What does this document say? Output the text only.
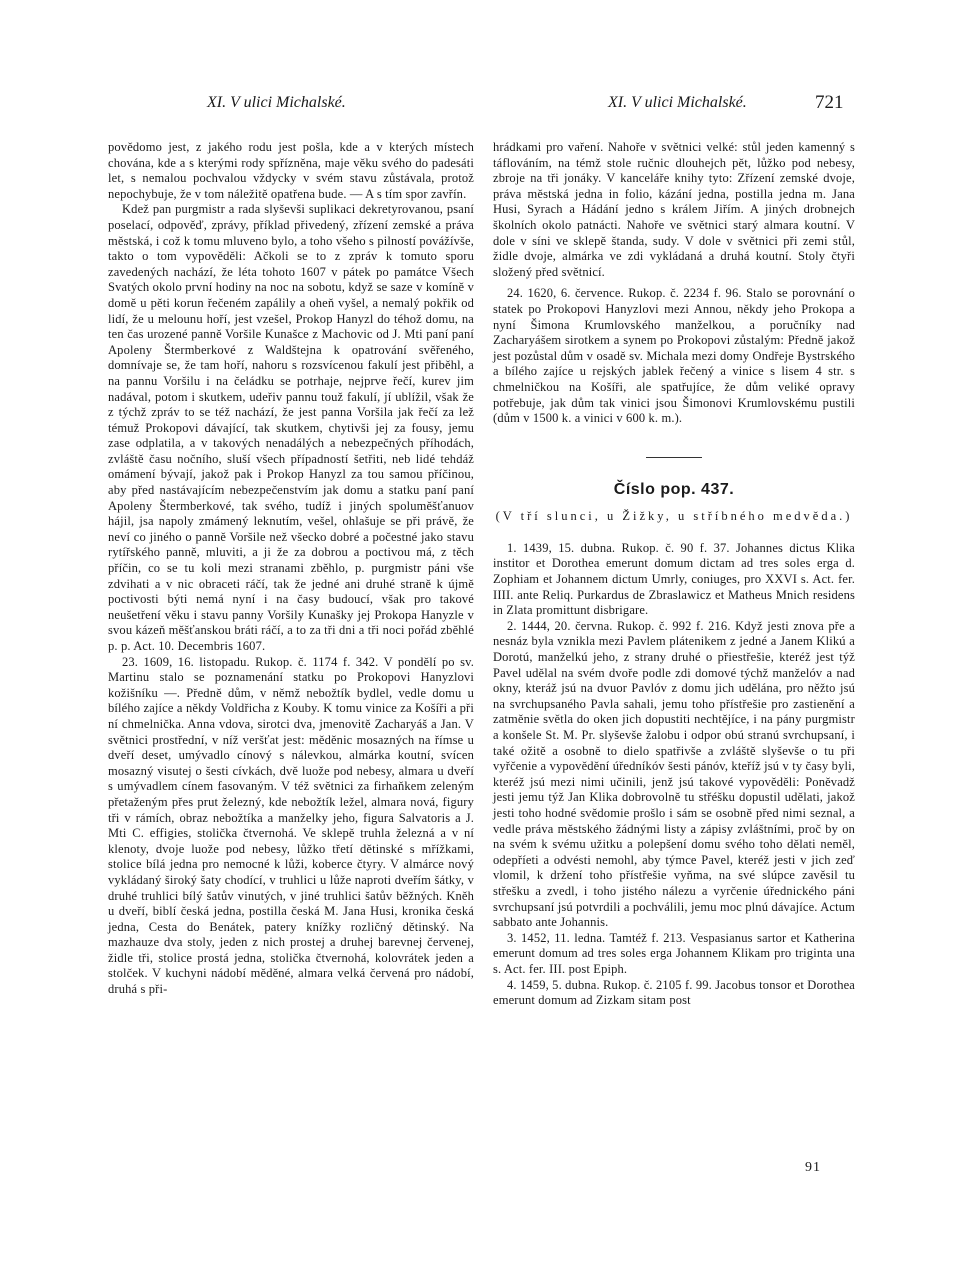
XI. V ulici Michalské.	XI. V ulici Michalské.	721

povědomo jest, z jakého rodu jest pošla, kde a v kterých místech chována, kde a s kterými rody spřízněna, maje věku svého do padesáti let, s nemalou pochvalou vždycky v svém stavu zůstávala, protož nepochybuje, že v tom náležitě opatřena bude. — A s tím spor zavřín.

Kdež pan purgmistr a rada slyševši suplikaci dekretyrovanou, psaní poselací, odpověď, zprávy, příklad přivedený, zřízení zemské a práva městská, i což k tomu mluveno bylo, a toho všeho s pilností povážívše, takto o tom vypověděli: Ačkoli se to z zpráv k tomuto sporu zavedených nachází, že léta tohoto 1607 v pátek po památce Všech Svatých okolo první hodiny na noc na sobotu, když se saze v komíně v domě u pěti korun řečeném zapálily a oheň vyšel, a nemalý pokřik od lidí, že u melounu hoří, jest vzešel, Prokop Hanyzl do téhož domu, na ten čas urozené panně Voršile Kunašce z Machovic od J. Mti paní paní Apoleny Štermberkové z Waldštejna k opatrování svěřeného, domnívaje se, že tam hoří, nahoru s rozsvícenou fakulí jest přiběhl, a na pannu Voršilu i na čeládku se potrhaje, nejprve řečí, kurev jim nadával, potom i skutkem, udeřiv pannu touž fakulí, jí ublížil, však že z týchž zpráv to se též nachází, že jest panna Voršila jak řečí za lež témuž Prokopovi dávající, tak skutkem, chytivši jej za fousy, jemu zase odplatila, a v takových nenadálých a nebezpečných příhodách, zvláště času nočního, sluší všech případností šetřiti, neb lidé tehdáž omámení bývají, jakož pak i Prokop Hanyzl za tou samou příčinou, aby před nastávajícím nebezpečenstvím jak domu a statku paní paní Apoleny Štermberkové, tak svého, tudíž i jiných spoluměšťanuov hájil, jsa napoly zmámený leknutím, vešel, ohlašuje se při právě, že neví co jiného o panně Voršile než všecko dobré a počestné jako stavu rytířského panně, mluviti, a ji že za dobrou a poctivou má, z těch příčin, co se tu koli mezi stranami zběhlo, p. purgmistr páni vše zdvihati a v nic obraceti ráčí, tak že jedné ani druhé straně k újmě poctivosti býti nemá nyní i na časy budoucí, však pro takové neušetření věku i stavu panny Voršily Kunašky jej Prokopa Hanyzle v svou kázeň měšťanskou bráti ráčí, a to za tři dni a tři noci pořád zběhlé p. p. Act. 10. Decembris 1607.

23. 1609, 16. listopadu. Rukop. č. 1174 f. 342. V pondělí po sv. Martinu stalo se poznamenání statku po Prokopovi Hanyzlovi kožišníku —. Předně dům, v němž nebožtík bydlel, vedle domu u bílého zajíce a někdy Voldřicha z Kouby. K tomu vinice za Košíři a při ní chmelnička. Anna vdova, sirotci dva, jmenovitě Zacharyáš a Jan. V světnici prostřední, v níž veršťat jest: měděnic mosazných na římse u dveří deset, umývadlo cínový s nálevkou, almárka koutní, svícen mosazný visutej o šesti cívkách, dvě luože pod nebesy, almara u dveří s umývadlem cínem fasovaným. V též světnici za firhaňkem zeleným přetaženým přes prut železný, kde nebožtík ležel, almara nová, figury tři v rámích, obraz nebožtíka a manželky jeho, figura Salvatoris a J. Mti C. effigies, stolička čtvernohá. Ve sklepě truhla železná a v ní klenoty, dvoje luože pod nebesy, lůžko třetí dětinské s mřížkami, stolice bílá jedna pro nemocné k lůži, koberce čtyry. V almárce nový vykládaný široký šaty chodící, v truhlici u lůže naproti dveřím šátky, v druhé truhlici bílý šatův vinutých, v jiné truhlici šatův běžných. Kněh u dveří, biblí česká jedna, postilla česká M. Jana Husi, kronika česká jedna, Cesta do Benátek, patery knížky rozličný dětinský. Na mazhauze dva stoly, jeden z nich prostej a druhej barevnej červenej, židle tři, stolice prostá jedna, stolička čtvernohá, kolovrátek jeden a stolček. V kuchyni nádobí měděné, almara velká červená pro nádobí, druhá s při-

hrádkami pro vaření. Nahoře v světnici velké: stůl jeden kamenný s táflováním, na témž stole ručnic dlouhejch pět, lůžko pod nebesy, zbroje na tři jonáky. V kanceláře knihy tyto: Zřízení zemské dvoje, práva městská jedna in folio, kázání jedna, postilla jedna m. Jana Husi, Syrach a Hádání jedno s králem Jiřím. A jiných drobnejch školních okolo patnácti. Nahoře ve světnici starý almara koutní. V dole v síni ve sklepě štanda, sudy. V dole v světnici při zemi stůl, židle dvoje, almárka ve zdi vykládaná a druhá koutní. Stoly čtyři složený před světnicí.

24. 1620, 6. července. Rukop. č. 2234 f. 96. Stalo se porovnání o statek po Prokopovi Hanyzlovi mezi Annou, někdy jeho Prokopa a nyní Šimona Krumlovského manželkou, a poručníky nad Zacharyášem sirotkem a synem po Prokopovi zůstalým: Předně jakož jest pozůstal dům v osadě sv. Michala mezi domy Ondřeje Bystrského a bílého zajíce u rejských jablek řečený a vinice s lisem 4 str. s chmelničkou na Košíři, ale spatřujíce, že dům veliké opravy potřebuje, jak dům tak vinici jsou Šimonovi Krumlovskému pustili (dům v 1500 k. a vinici v 600 k. m.).

Číslo pop. 437.
(V tří slunci, u Žižky, u stříbného medvěda.)

1. 1439, 15. dubna. Rukop. č. 90 f. 37. Johannes dictus Klika institor et Dorothea emerunt domum dictam ad tres soles erga d. Zophiam et Johannem dictum Umrly, coniuges, pro XXVI s. Act. fer. IIII. ante Reliq. Purkardus de Zbraslawicz et Matheus Mnich residens in Zlata promittunt disbrigare.

2. 1444, 20. června. Rukop. č. 992 f. 216. Když jesti znova pře a nesnáz byla vznikla mezi Pavlem plátenikem z jedné a Janem Klikú a Dorotú, manželkú jeho, z strany druhé o přiestřešie, kteréž jest týž Pavel udělal na svém dvoře podle zdi domové týchž manželóv a nad okny, kteráž jsú na dvuor Pavlóv z domu jich udělána, pro něžto jsú na svrchupsaného Pavla sahali, jemu toho přístřešie pro zastienění a zatměnie světla do oken jich dopustiti nechtějíce, i na pány purgmistr a konšele St. M. Pr. slyševše žalobu i odpor obú stranú svrchupsaní, i také ožitě a osobně to dielo spatřivše a zvláště slyševše o tu při vyřčenie a vypovědění úředníkóv šesti pánóv, kteříž jsú v ty časy byli, kteréž jsú mezi nimi učinili, jenž jsú takové vypověděli: Poněvadž jesti jemu týž Jan Klika dobrovolně tu střéšku dopustil udělati, jakož jesti toho hodné svědomie prošlo i sám se osobně před nimi seznal, a vedle práva městského žádnými listy a zápisy zvláštními, proč by on na svém k svému užitku a polepšení domu svého toho dělati neměl, odepříeti a odvésti nemohl, aby týmce Pavel, kteréž jesti v jich zeď vlomil, k držení toho přístřešie vyňma, na své slúpce zavěsil tu střešku a zvedl, i toho jistého nálezu a vyrčenie úřednického páni svrchupsaní jsú potvrdili a pochválili, jemu moc plnú dávajíce. Actum sabbato ante Johannis.

3. 1452, 11. ledna. Tamtéž f. 213. Vespasianus sartor et Katherina emerunt domum ad tres soles erga Johannem Klikam pro triginta una s. Act. fer. III. post Epiph.

4. 1459, 5. dubna. Rukop. č. 2105 f. 99. Jacobus tonsor et Dorothea emerunt domum ad Zizkam sitam post

91
